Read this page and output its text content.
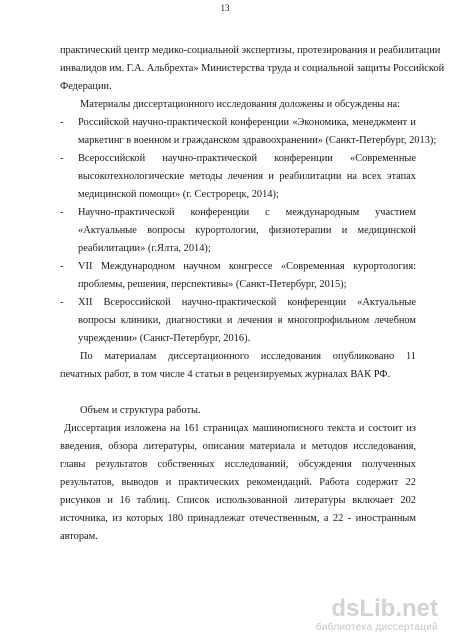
13
практический центр медико-социальной экспертизы, протезирования и реабилитации
инвалидов им. Г.А. Альбрехта» Министерства труда и социальной защиты Российской
Федерации.
Материалы диссертационного исследования доложены и обсуждены на:
- Российской научно-практической конференции «Экономика, менеджмент и
маркетинг в военном и гражданском здравоохранении» (Санкт-Петербург, 2013);
- Всероссийской научно-практической конференции «Современные
высокотехнологические методы лечения и реабилитации на всех этапах
медицинской помощи» (г. Сестрорецк, 2014);
- Научно-практической конференции с международным участием
«Актуальные вопросы курортологии, физиотерапии и медицинской
реабилитации» (г.Ялта, 2014);
- VII Международном научном конгрессе «Современная курортология:
проблемы, решения, перспективы» (Санкт-Петербург, 2015);
- XII Всероссийской научно-практической конференции «Актуальные
вопросы клиники, диагностики и лечения в многопрофильном лечебном
учреждении» (Санкт-Петербург, 2016).
По материалам диссертационного исследования опубликовано 11
печатных работ, в том числе 4 статьи в рецензируемых журналах ВАК РФ.
Объем и структура работы.
Диссертация изложена на 161 страницах машинописного текста и состоит из
введения, обзора литературы, описания материала и методов исследования,
главы результатов собственных исследований, обсуждения полученных
результатов, выводов и практических рекомендаций. Работа содержит 22
рисунков и 16 таблиц. Список использованной литературы включает 202
источника, из которых 180 принадлежат отечественным, а 22 - иностранным
авторам.
dsLib.net
библиотека диссертаций
